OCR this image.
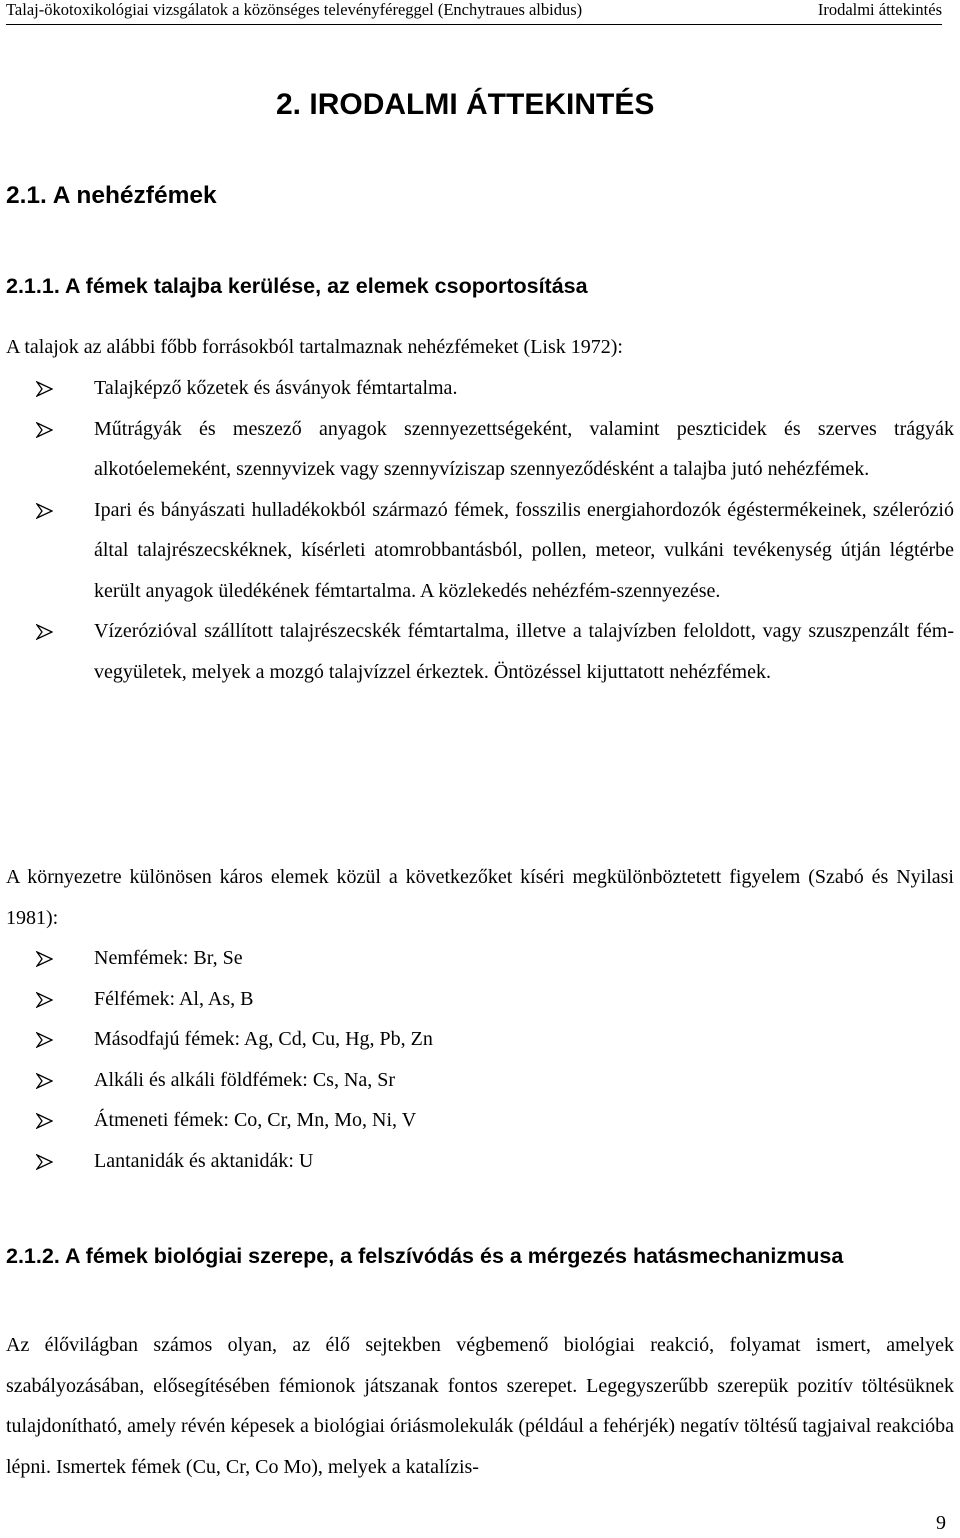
Talaj-ökotoxikológiai vizsgálatok a közönséges televényféreggel (Enchytraues albidus)	Irodalmi áttekintés
2. IRODALMI ÁTTEKINTÉS
2.1. A nehézfémek
2.1.1. A fémek talajba kerülése, az elemek csoportosítása
A talajok az alábbi főbb forrásokból tartalmaznak nehézfémeket (Lisk 1972):
Talajképző kőzetek és ásványok fémtartalma.
Műtrágyák és meszező anyagok szennyezettségeként, valamint peszticidek és szerves trágyák alkotóelemeként, szennyvizek vagy szennyvíziszap szennyeződésként a talajba jutó nehézfémek.
Ipari és bányászati hulladékokból származó fémek, fosszilis energiahordozók égéstermékeinek, szélerózió által talajrészecskéknek, kísérleti atomrobbantásból, pollen, meteor, vulkáni tevékenység útján légtérbe került anyagok üledékének fémtartalma. A közlekedés nehézfém-szennyezése.
Vízerózióval szállított talajrészecskék fémtartalma, illetve a talajvízben feloldott, vagy szuszpenzált fém-vegyületek, melyek a mozgó talajvízzel érkeztek. Öntözéssel kijuttatott nehézfémek.
A környezetre különösen káros elemek közül a következőket kíséri megkülönböztetett figyelem (Szabó és Nyilasi 1981):
Nemfémek: Br, Se
Félfémek: Al, As, B
Másodfajú fémek: Ag, Cd, Cu, Hg, Pb, Zn
Alkáli és alkáli földfémek: Cs, Na, Sr
Átmeneti fémek: Co, Cr, Mn, Mo, Ni, V
Lantanidák és aktanidák: U
2.1.2. A fémek biológiai szerepe, a felszívódás és a mérgezés hatásmechanizmusa
Az élővilágban számos olyan, az élő sejtekben végbemenő biológiai reakció, folyamat ismert, amelyek szabályozásában, elősegítésében fémionok játszanak fontos szerepet. Legegyszerűbb szerepük pozitív töltésüknek tulajdonítható, amely révén képesek a biológiai óriásmolekulák (például a fehérjék) negatív töltésű tagjaival reakcióba lépni. Ismertek fémek (Cu, Cr, Co Mo), melyek a katalízis-
9
